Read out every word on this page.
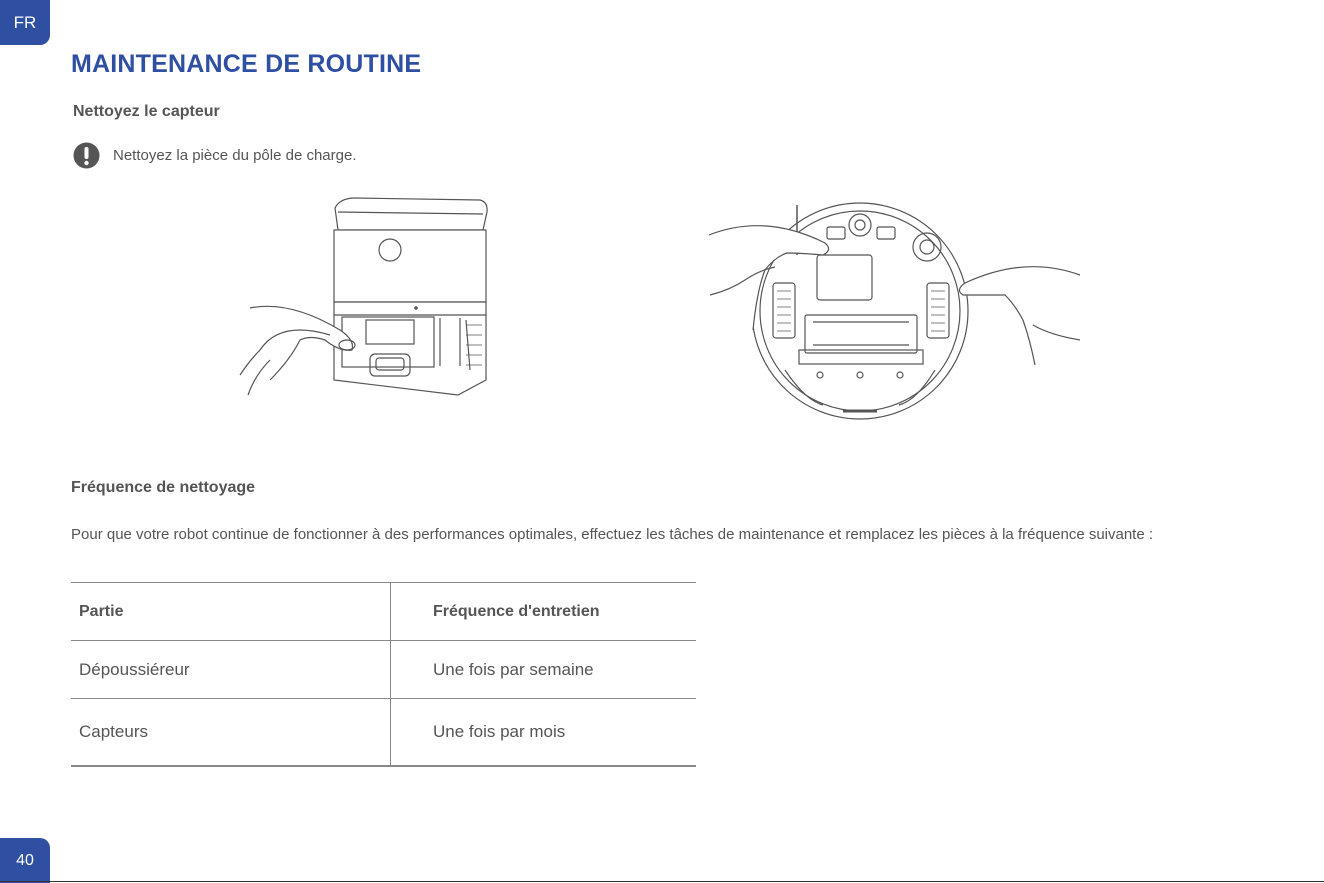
FR
MAINTENANCE DE ROUTINE
Nettoyez le capteur
Nettoyez la pièce du pôle de charge.
Fréquence de nettoyage

Pour que votre robot continue de fonctionner à des performances optimales, effectuez les tâches de maintenance et remplacez les pièces à la fréquence suivante :

Partie	Fréquence d'entretien
Dépoussiéreur	Une fois par semaine
Capteurs	Une fois par mois
40
